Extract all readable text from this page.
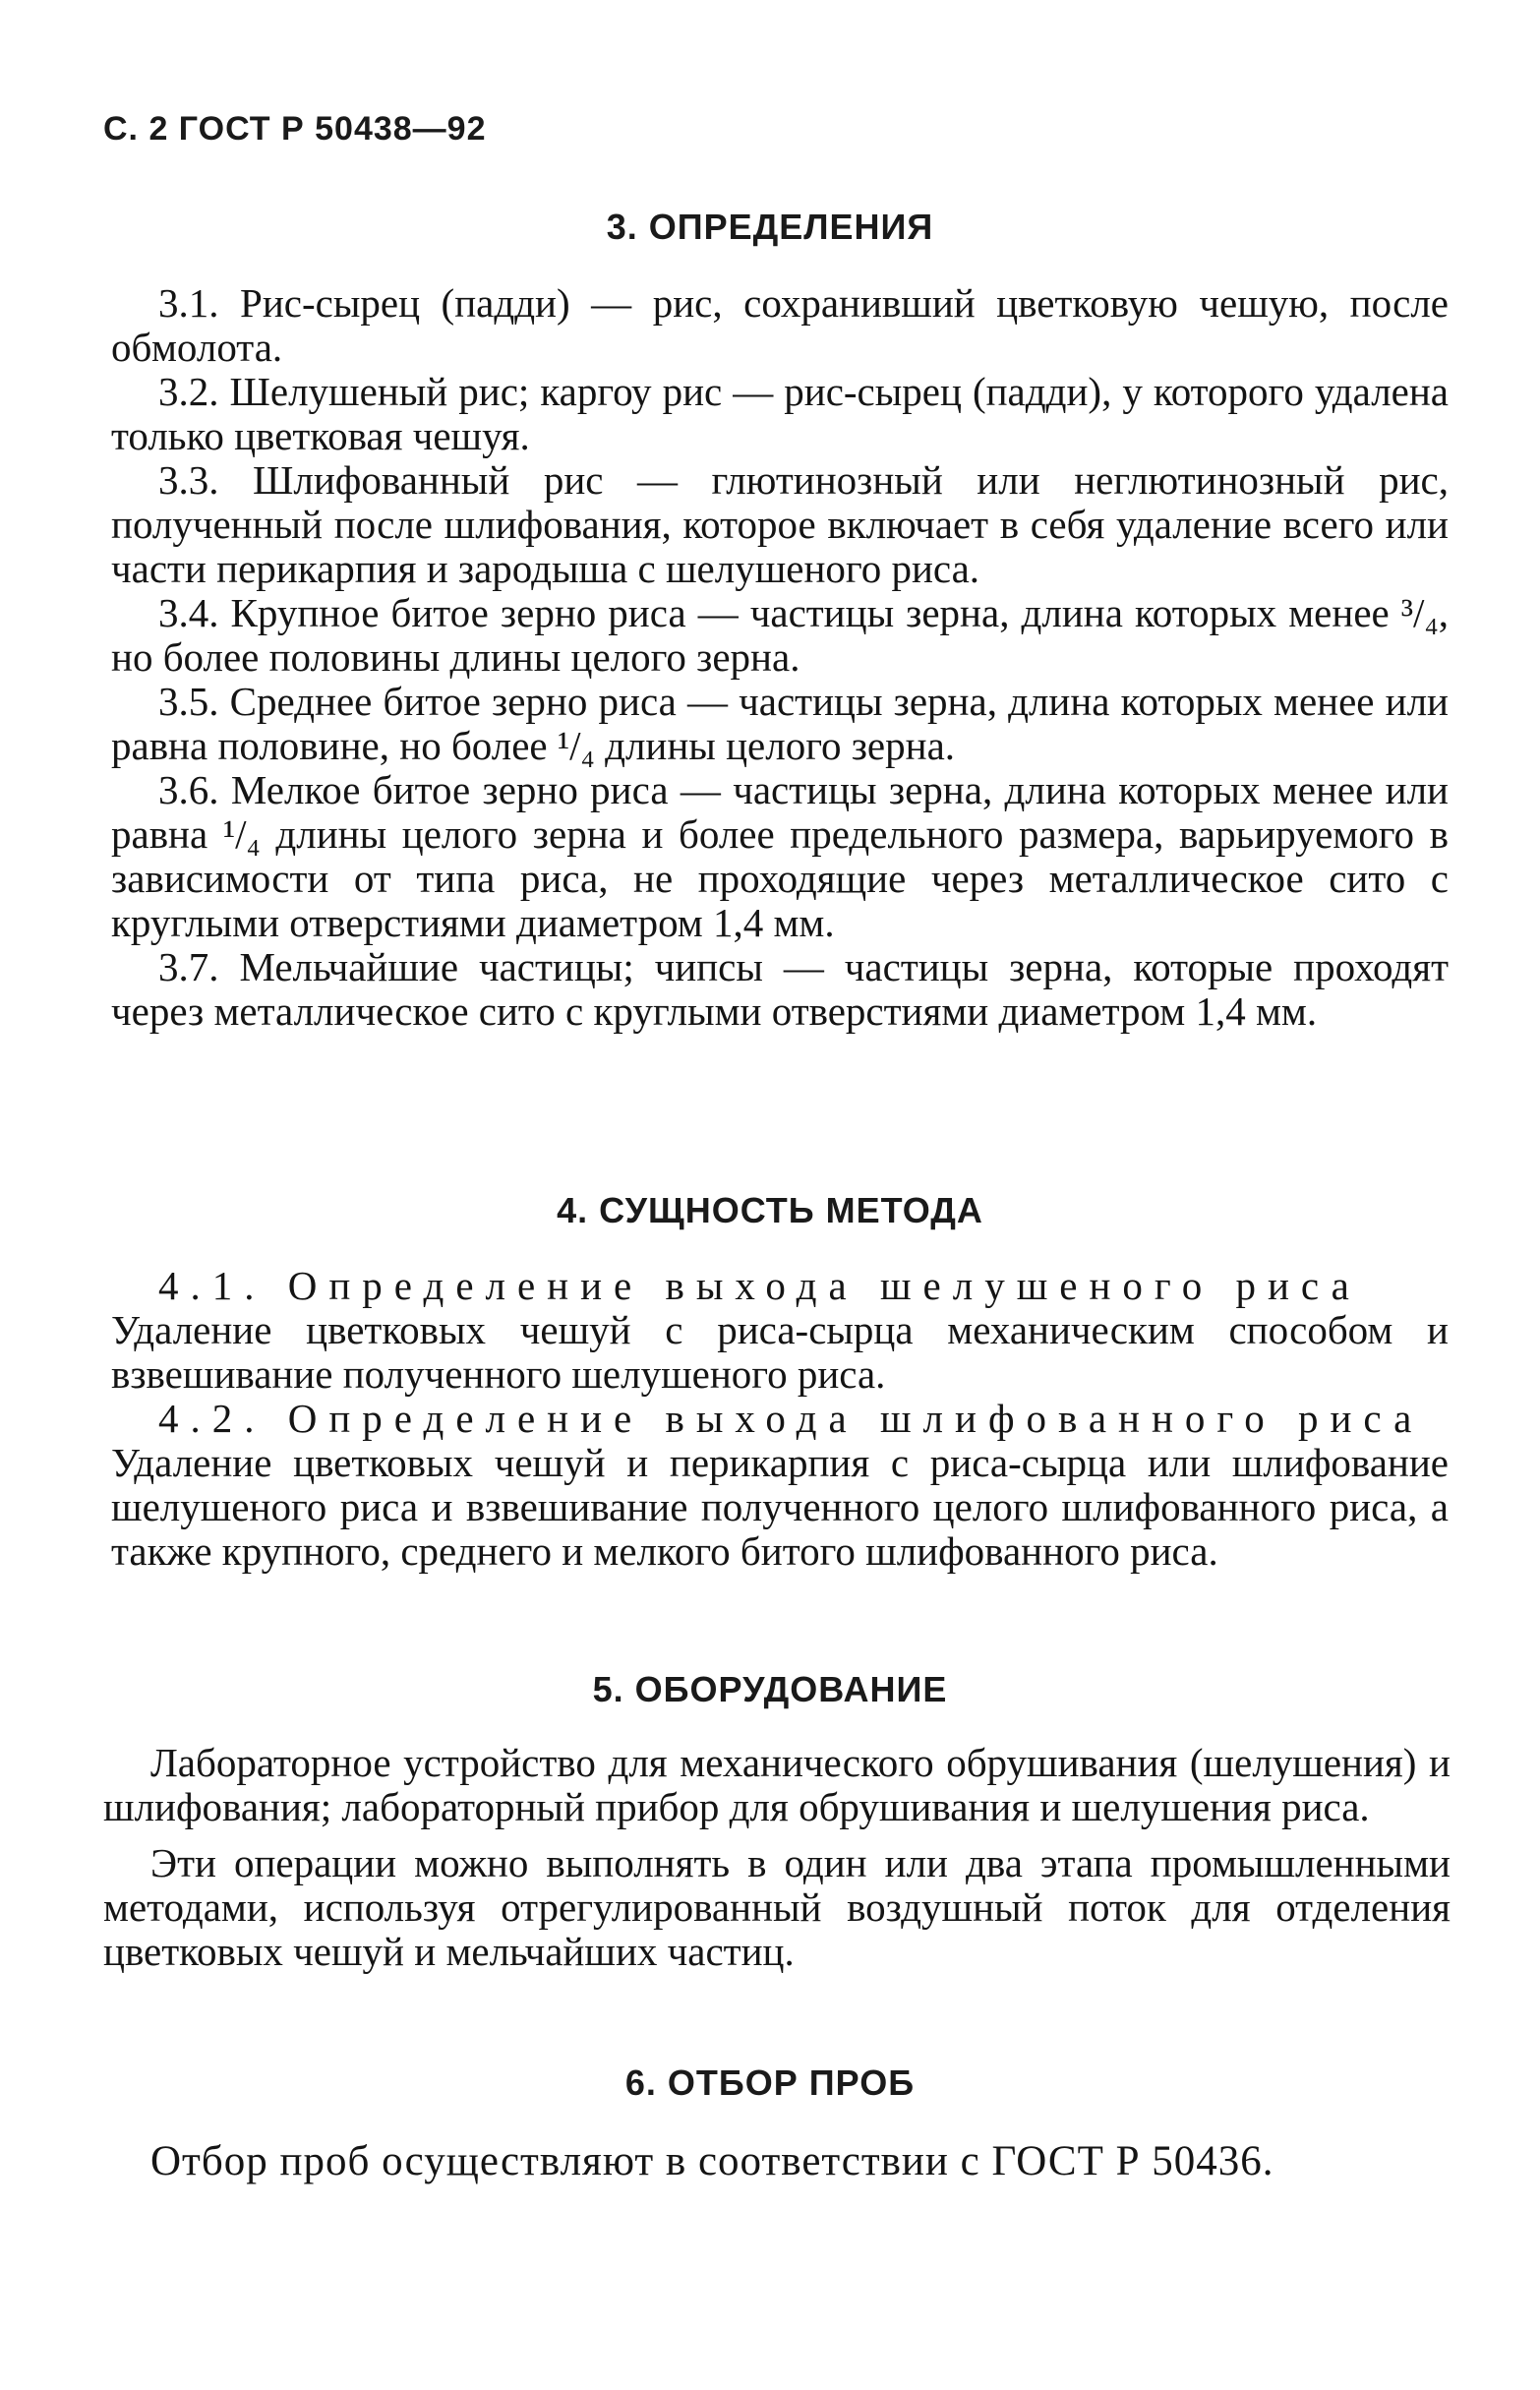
С. 2 ГОСТ Р 50438—92
3. ОПРЕДЕЛЕНИЯ

3.1. Рис-сырец (падди) — рис, сохранивший цветковую чешую, после обмолота.

3.2. Шелушеный рис; каргоу рис — рис-сырец (падди), у которого удалена только цветковая чешуя.

3.3. Шлифованный рис — глютинозный или неглютинозный рис, полученный после шлифования, которое включает в себя удаление всего или части перикарпия и зародыша с шелушеного риса.

3.4. Крупное битое зерно риса — частицы зерна, длина которых менее ³/₄, но более половины длины целого зерна.

3.5. Среднее битое зерно риса — частицы зерна, длина которых менее или равна половине, но более ¹/₄ длины целого зерна.

3.6. Мелкое битое зерно риса — частицы зерна, длина которых менее или равна ¹/₄ длины целого зерна и более предельного размера, варьируемого в зависимости от типа риса, не проходящие через металлическое сито с круглыми отверстиями диаметром 1,4 мм.

3.7. Мельчайшие частицы; чипсы — частицы зерна, которые проходят через металлическое сито с круглыми отверстиями диаметром 1,4 мм.

4. СУЩНОСТЬ МЕТОДА

4.1. Определение выхода шелушеного риса

Удаление цветковых чешуй с риса-сырца механическим способом и взвешивание полученного шелушеного риса.

4.2. Определение выхода шлифованного риса

Удаление цветковых чешуй и перикарпия с риса-сырца или шлифование шелушеного риса и взвешивание полученного целого шлифованного риса, а также крупного, среднего и мелкого битого шлифованного риса.

5. ОБОРУДОВАНИЕ

Лабораторное устройство для механического обрушивания (шелушения) и шлифования; лабораторный прибор для обрушивания и шелушения риса.

Эти операции можно выполнять в один или два этапа промышленными методами, используя отрегулированный воздушный поток для отделения цветковых чешуй и мельчайших частиц.

6. ОТБОР ПРОБ

Отбор проб осуществляют в соответствии с ГОСТ Р 50436.
